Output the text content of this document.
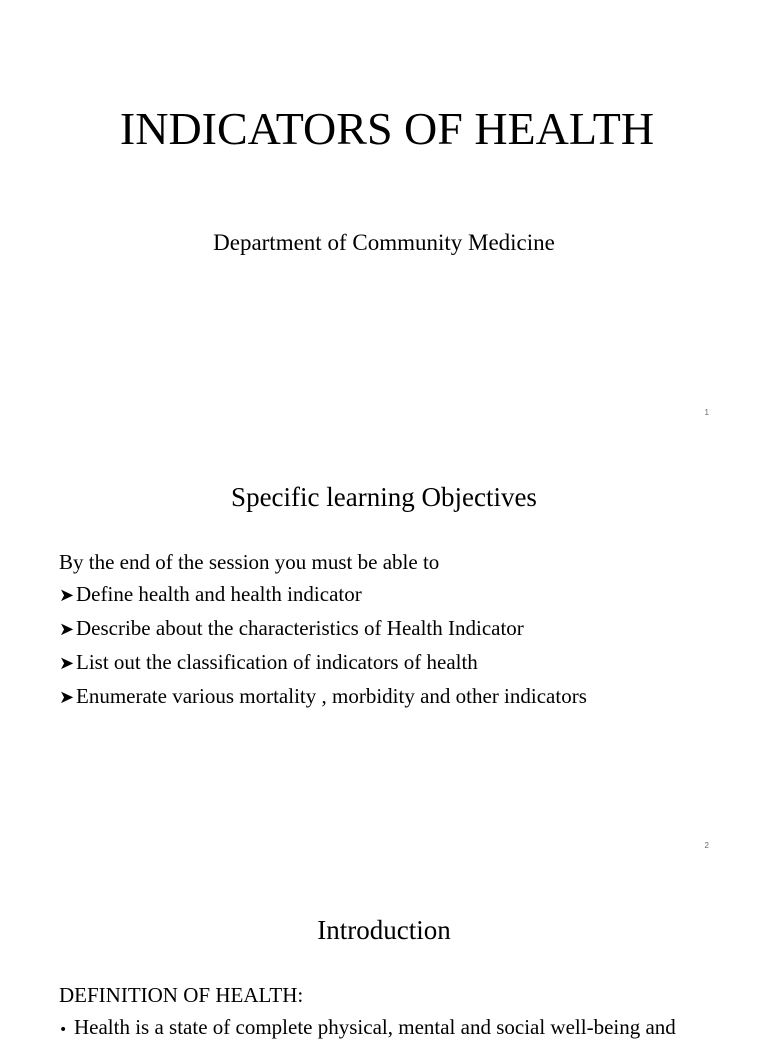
INDICATORS OF HEALTH

Department of Community Medicine

1
Specific learning Objectives

By the end of the session you must be able to

➤ Define health and health indicator
➤ Describe about the characteristics of Health Indicator
➤ List out the classification of indicators of health
➤ Enumerate various mortality , morbidity and other indicators
2
Introduction

DEFINITION OF HEALTH:

• Health is a state of complete physical, mental and social well-being and
